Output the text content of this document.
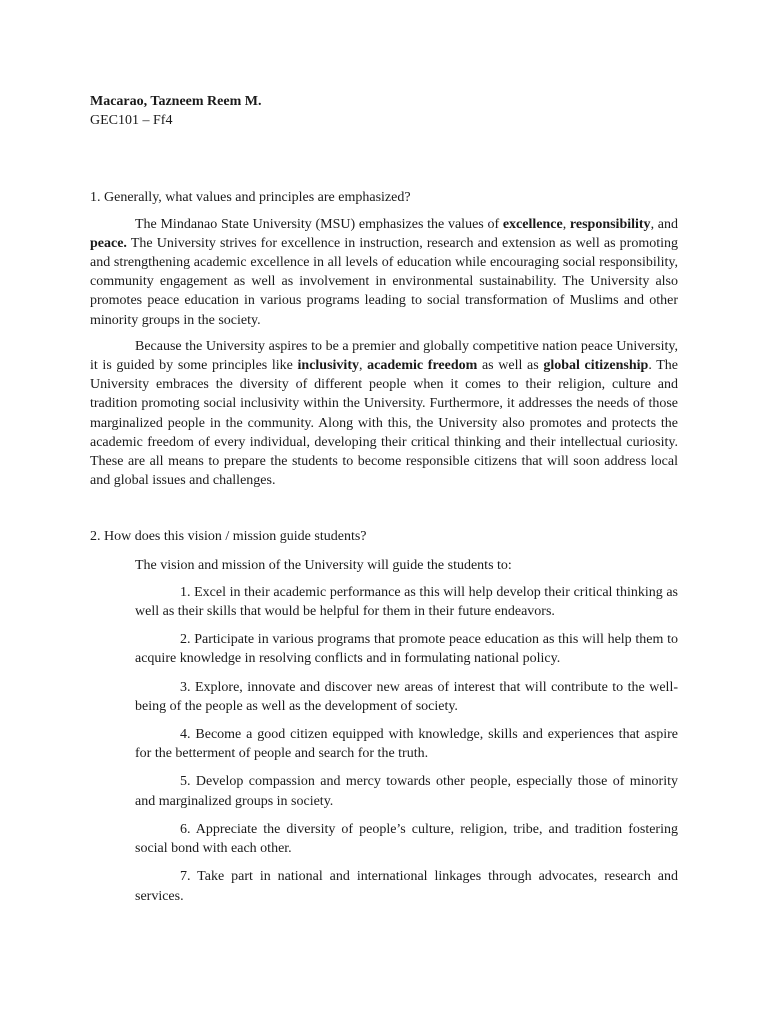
Macarao, Tazneem Reem M.

GEC101 – Ff4

1. Generally, what values and principles are emphasized?

The Mindanao State University (MSU) emphasizes the values of excellence, responsibility, and peace. The University strives for excellence in instruction, research and extension as well as promoting and strengthening academic excellence in all levels of education while encouraging social responsibility, community engagement as well as involvement in environmental sustainability. The University also promotes peace education in various programs leading to social transformation of Muslims and other minority groups in the society.

Because the University aspires to be a premier and globally competitive nation peace University, it is guided by some principles like inclusivity, academic freedom as well as global citizenship. The University embraces the diversity of different people when it comes to their religion, culture and tradition promoting social inclusivity within the University. Furthermore, it addresses the needs of those marginalized people in the community. Along with this, the University also promotes and protects the academic freedom of every individual, developing their critical thinking and their intellectual curiosity. These are all means to prepare the students to become responsible citizens that will soon address local and global issues and challenges.

2. How does this vision / mission guide students?

The vision and mission of the University will guide the students to:

1. Excel in their academic performance as this will help develop their critical thinking as well as their skills that would be helpful for them in their future endeavors.

2. Participate in various programs that promote peace education as this will help them to acquire knowledge in resolving conflicts and in formulating national policy.

3. Explore, innovate and discover new areas of interest that will contribute to the well-being of the people as well as the development of society.

4. Become a good citizen equipped with knowledge, skills and experiences that aspire for the betterment of people and search for the truth.

5. Develop compassion and mercy towards other people, especially those of minority and marginalized groups in society.

6. Appreciate the diversity of people’s culture, religion, tribe, and tradition fostering social bond with each other.

7. Take part in national and international linkages through advocates, research and services.
